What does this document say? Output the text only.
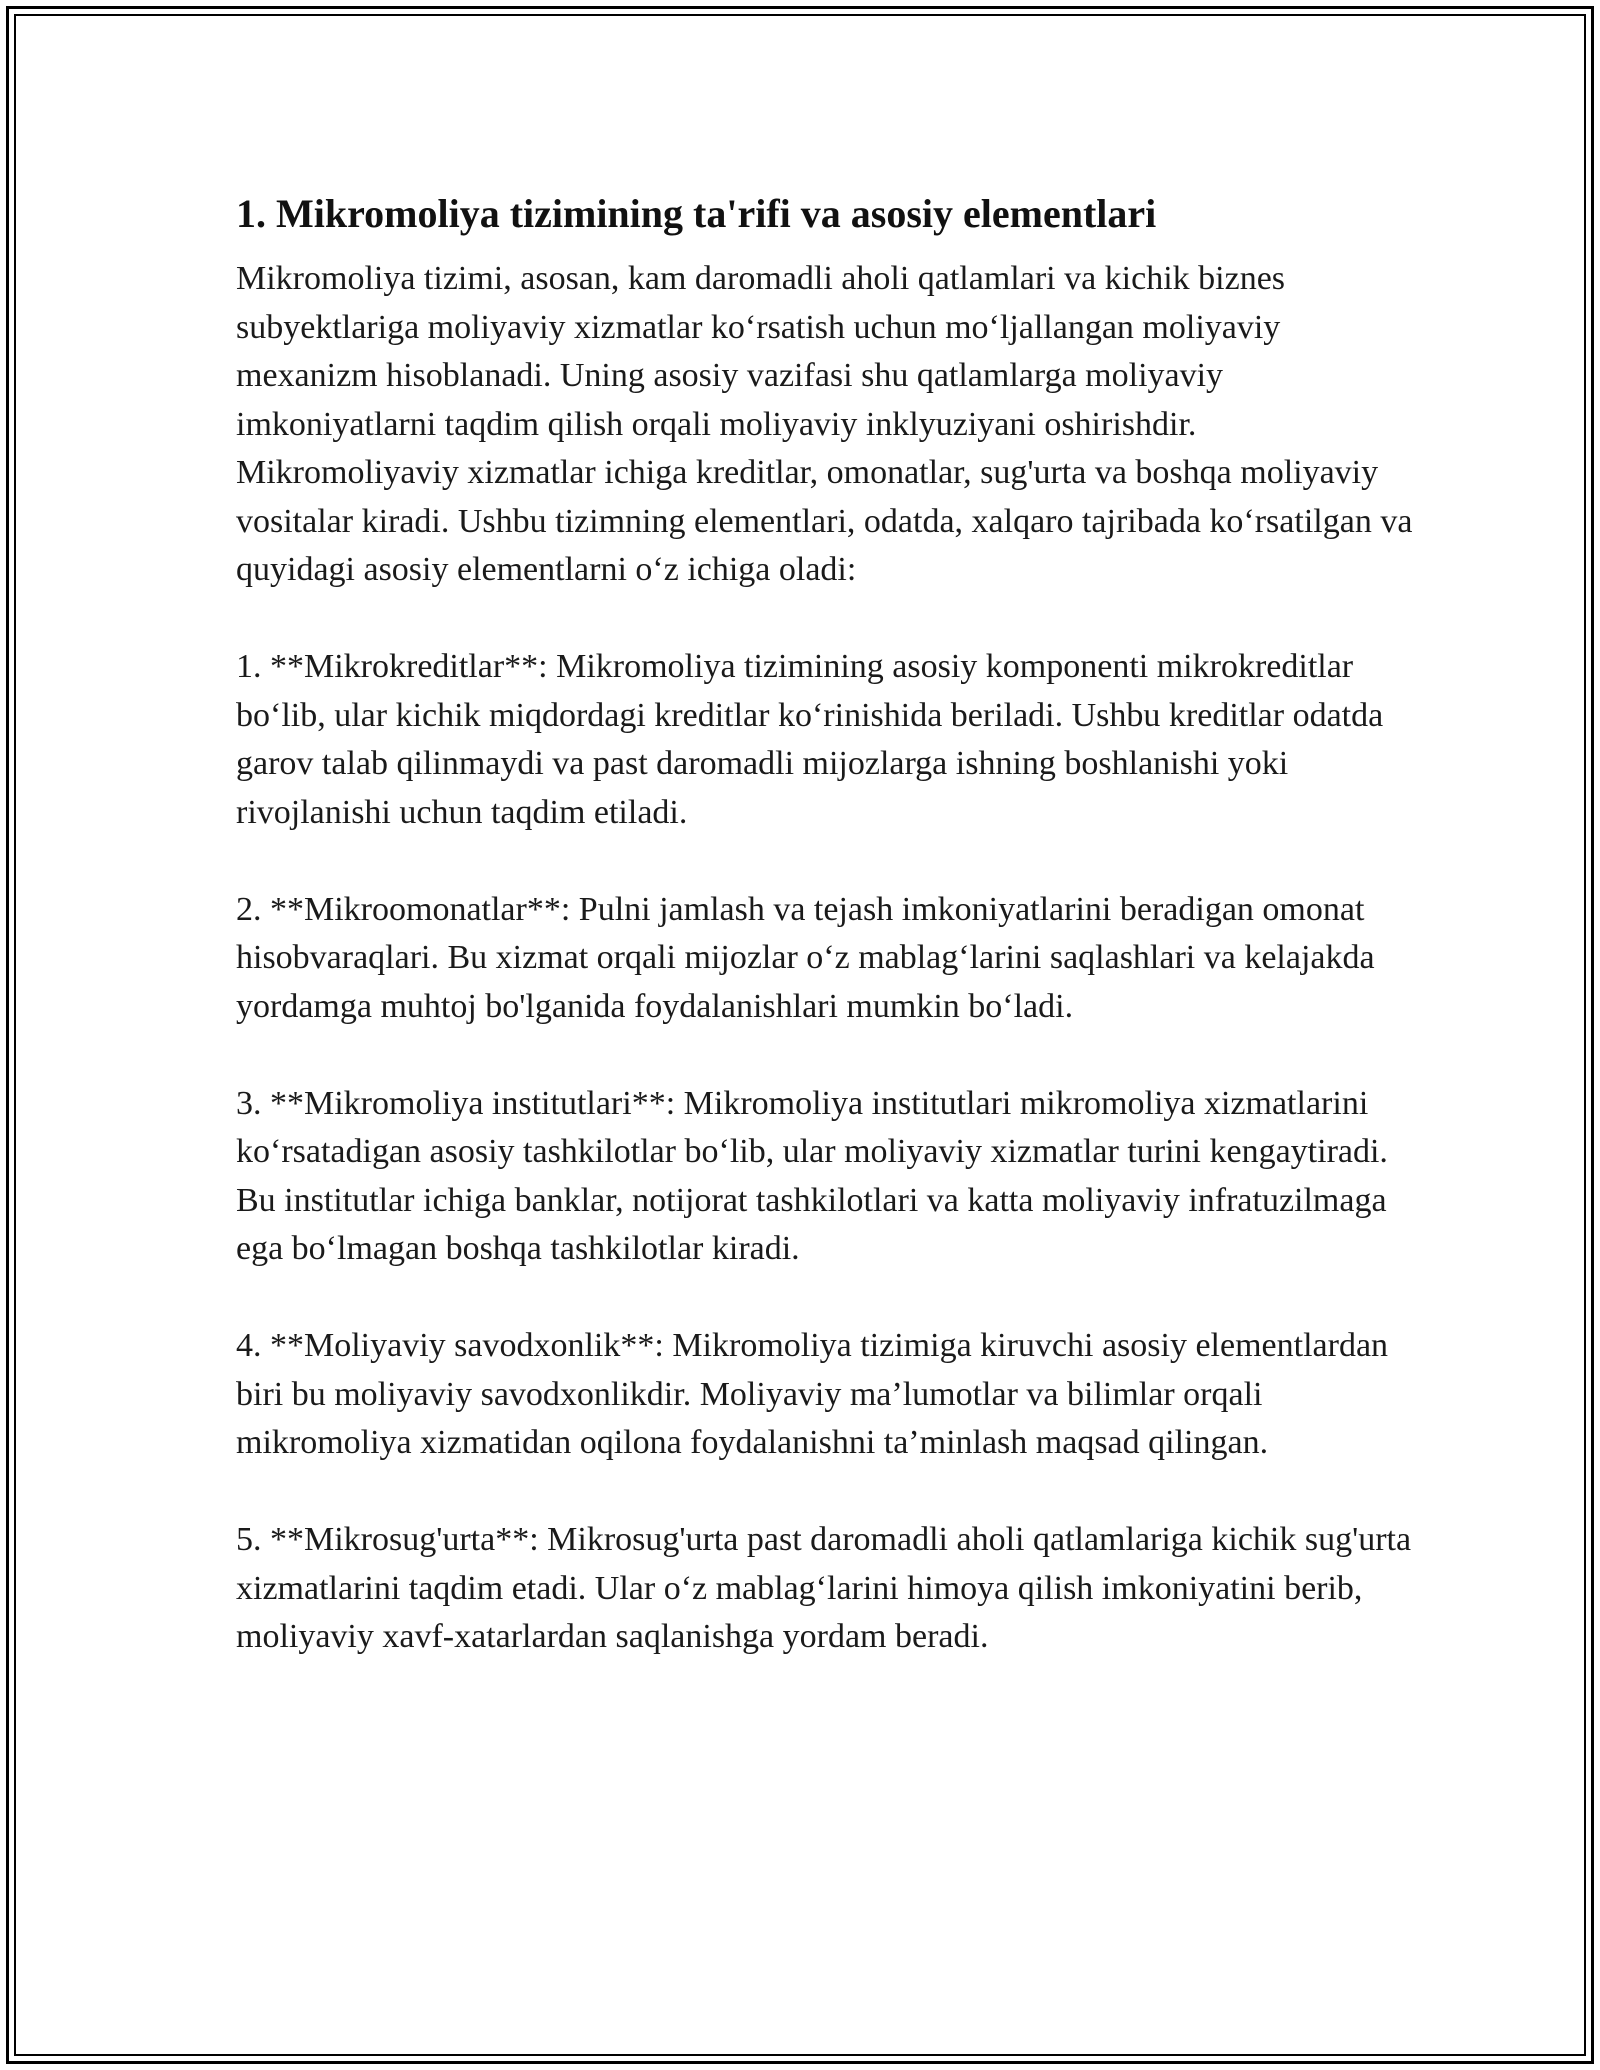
1. Mikromoliya tizimining ta'rifi va asosiy elementlari

Mikromoliya tizimi, asosan, kam daromadli aholi qatlamlari va kichik biznes subyektlariga moliyaviy xizmatlar ko‘rsatish uchun mo‘ljallangan moliyaviy mexanizm hisoblanadi. Uning asosiy vazifasi shu qatlamlarga moliyaviy imkoniyatlarni taqdim qilish orqali moliyaviy inklyuziyani oshirishdir. Mikromoliyaviy xizmatlar ichiga kreditlar, omonatlar, sug'urta va boshqa moliyaviy vositalar kiradi. Ushbu tizimning elementlari, odatda, xalqaro tajribada ko‘rsatilgan va quyidagi asosiy elementlarni o‘z ichiga oladi:

1. **Mikrokreditlar**: Mikromoliya tizimining asosiy komponenti mikrokreditlar bo‘lib, ular kichik miqdordagi kreditlar ko‘rinishida beriladi. Ushbu kreditlar odatda garov talab qilinmaydi va past daromadli mijozlarga ishning boshlanishi yoki rivojlanishi uchun taqdim etiladi.

2. **Mikroomonatlar**: Pulni jamlash va tejash imkoniyatlarini beradigan omonat hisobvaraqlari. Bu xizmat orqali mijozlar o‘z mablag‘larini saqlashlari va kelajakda yordamga muhtoj bo'lganida foydalanishlari mumkin bo‘ladi.

3. **Mikromoliya institutlari**: Mikromoliya institutlari mikromoliya xizmatlarini ko‘rsatadigan asosiy tashkilotlar bo‘lib, ular moliyaviy xizmatlar turini kengaytiradi. Bu institutlar ichiga banklar, notijorat tashkilotlari va katta moliyaviy infratuzilmaga ega bo‘lmagan boshqa tashkilotlar kiradi.

4. **Moliyaviy savodxonlik**: Mikromoliya tizimiga kiruvchi asosiy elementlardan biri bu moliyaviy savodxonlikdir. Moliyaviy ma’lumotlar va bilimlar orqali mikromoliya xizmatidan oqilona foydalanishni ta’minlash maqsad qilingan.

5. **Mikrosug'urta**: Mikrosug'urta past daromadli aholi qatlamlariga kichik sug'urta xizmatlarini taqdim etadi. Ular o‘z mablag‘larini himoya qilish imkoniyatini berib, moliyaviy xavf-xatarlardan saqlanishga yordam beradi.
